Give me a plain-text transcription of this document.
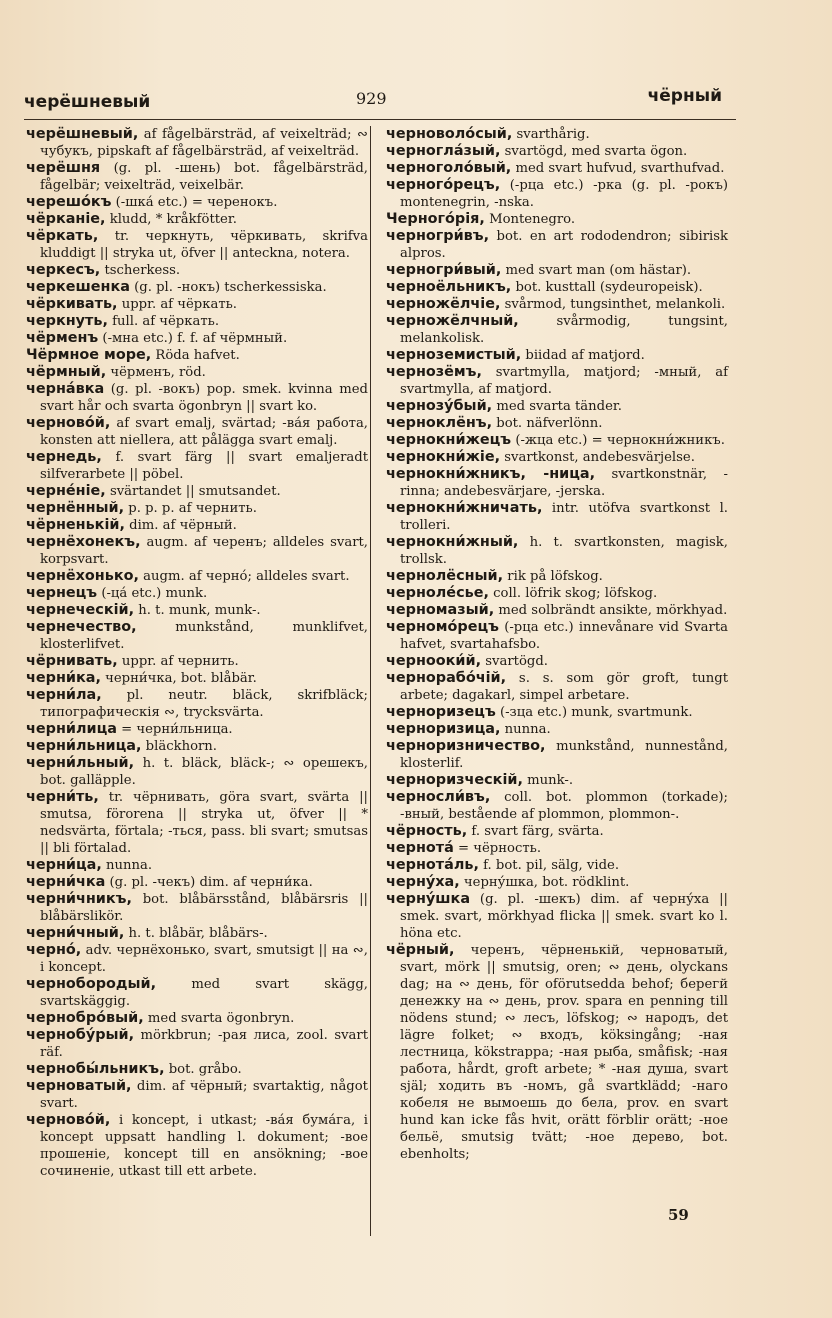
черёшневый	929	чёрный

черёшневый, af fågelbärsträd, af veixelträd; ∾ чубукъ, pipskaft af fågelbärsträd, af veixelträd.

черёшня (g. pl. -шень) bot. fågelbärsträd, fågelbär; veixelträd, veixelbär.

черешо́къ (-шка́ etc.) = черенокъ.

чёрканіе, kludd, * kråkfötter.

чёркать, tr. черкнуть, чёркивать, skrifva kluddigt || stryka ut, öfver || anteckna, notera.

черкесъ, tscherkess.

черкешенка (g. pl. -нокъ) tscherkessiska.

чёркивать, uppr. af чёркать.

черкнуть, full. af чёркать.

чёрменъ (-мна etc.) f. f. af чёрмный.

Чёрмное море, Röda hafvet.

чёрмный, чёрменъ, röd.

черна́вка (g. pl. -вокъ) pop. smek. kvinna med svart hår och svarta ögonbryn || svart ko.

черново́й, af svart emalj, svärtad; -ва́я работа, konsten att niellera, att pålägga svart emalj.

чернедь, f. svart färg || svart emaljeradt silfverarbete || pöbel.

черне́ніе, svärtandet || smutsandet.

чернённый, p. p. p. af чернить.

чёрненькій, dim. af чёрный.

чернёхонекъ, augm. af черенъ; alldeles svart, korpsvart.

чернёхонько, augm. af черно́; alldeles svart.

чернецъ (-ца́ etc.) munk.

чернеческій, h. t. munk, munk-.

чернечество, munkstånd, munklifvet, klosterlifvet.

чёрнивать, uppr. af чернить.

черни́ка, черни́чка, bot. blåbär.

черни́ла, pl. neutr. bläck, skrifbläck; типографическія ∾, trycksvärta.

черни́лица = черни́льница.

черни́льница, bläckhorn.

черни́льный, h. t. bläck, bläck-; ∾ орешекъ, bot. galläpple.

черни́ть, tr. чёрнивать, göra svart, svärta || smutsa, förorena || stryka ut, öfver || * nedsvärta, förtala; -ться, pass. bli svart; smutsas || bli förtalad.

черни́ца, nunna.

черни́чка (g. pl. -чекъ) dim. af черни́ка.

черни́чникъ, bot. blåbärsstånd, blåbärsris || blåbärslikör.

черни́чный, h. t. blåbär, blåbärs-.

черно́, adv. чернёхонько, svart, smutsigt || на ∾, i koncept.

чернобородый, med svart skägg, svartskäggig.

чернобро́вый, med svarta ögonbryn.

чернобу́рый, mörkbrun; -рая лиса, zool. svart räf.

чернобы́льникъ, bot. gråbo.

черноватый, dim. af чёрный; svartaktig, något svart.

черново́й, i koncept, i utkast; -ва́я бума́га, i koncept uppsatt handling l. dokument; -вое прошеніе, koncept till en ansökning; -вое сочиненіе, utkast till ett arbete.

черноволо́сый, svarthårig.

черногла́зый, svartögd, med svarta ögon.

черноголо́вый, med svart hufvud, svarthufvad.

черного́рецъ, (-рца etc.) -рка (g. pl. -рокъ) montenegrin, -nska.

Черного́рія, Montenegro.

черногри́въ, bot. en art rododendron; sibirisk alpros.

черногри́вый, med svart man (om hästar).

черноёльникъ, bot. kusttall (sydeuropeisk).

черножёлчіе, svårmod, tungsinthet, melankoli.

черножёлчный, svårmodig, tungsint, melankolisk.

черноземистый, biidad af matjord.

чернозёмъ, svartmylla, matjord; -мный, af svartmylla, af matjord.

чернозу́бый, med svarta tänder.

черноклёнъ, bot. näfverlönn.

чернокни́жецъ (-жца etc.) = чернокни́жникъ.

чернокни́жіе, svartkonst, andebesvärjelse.

чернокни́жникъ, -ница, svartkonstnär, -rinna; andebesvärjare, -jerska.

чернокни́жничать, intr. utöfva svartkonst l. trolleri.

чернокни́жный, h. t. svartkonsten, magisk, trollsk.

чернолёсный, rik på löfskog.

черноле́сье, coll. löfrik skog; löfskog.

черномазый, med solbrändt ansikte, mörkhyad.

черномо́рецъ (-рца etc.) innevånare vid Svarta hafvet, svartahafsbo.

чернооки́й, svartögd.

чернорабо́чій, s. s. som gör groft, tungt arbete; dagakarl, simpel arbetare.

черноризецъ (-зца etc.) munk, svartmunk.

черноризица, nunna.

черноризничество, munkstånd, nunnestånd, klosterlif.

черноризческій, munk-.

черносли́въ, coll. bot. plommon (torkade); -вный, bestående af plommon, plommon-.

чёрность, f. svart färg, svärta.

чернота́ = чёрность.

чернота́ль, f. bot. pil, sälg, vide.

черну́ха, черну́шка, bot. rödklint.

черну́шка (g. pl. -шекъ) dim. af черну́ха || smek. svart, mörkhyad flicka || smek. svart ko l. höna etc.

чёрный, черенъ, чёрненькій, черноватый, svart, mörk || smutsig, oren; ∾ день, olyckans dag; на ∾ день, för oförutsedda behof; берегй денежку на ∾ день, prov. spara en penning till nödens stund; ∾ лесъ, löfskog; ∾ народъ, det lägre folket; ∾ входъ, köksingång; -ная лестница, kökstrappa; -ная рыба, småfisk; -ная работа, hårdt, groft arbete; * -ная душа, svart själ; ходить въ -номъ, gå svartklädd; -наго кобеля не вымоешь до бела, prov. en svart hund kan icke fås hvit, orätt förblir orätt; -ное бельё, smutsig tvätt; -ное дерево, bot. ebenholts;

59
